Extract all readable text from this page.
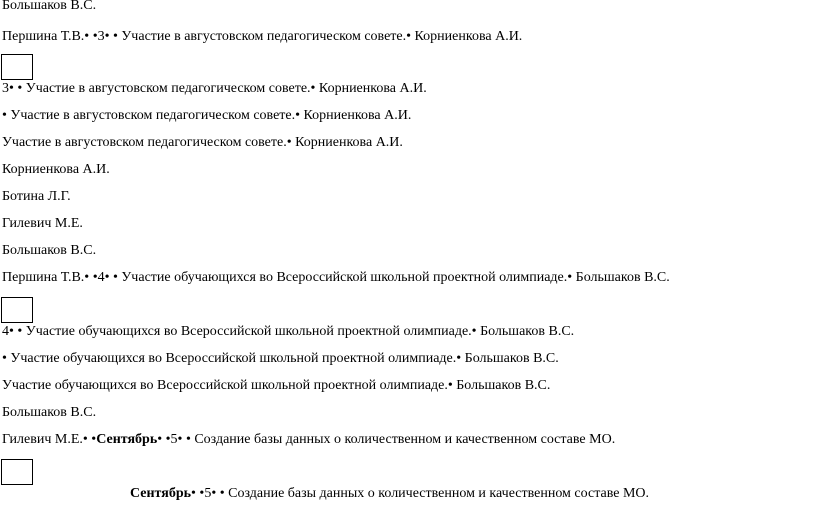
Большаков В.С.
Першина Т.В.• •3• • Участие в августовском педагогическом совете.• Корниенкова А.И.
3• • Участие в августовском педагогическом совете.• Корниенкова А.И.
• Участие в августовском педагогическом совете.• Корниенкова А.И.
Участие в августовском педагогическом совете.• Корниенкова А.И.
Корниенкова А.И.
Ботина Л.Г.
Гилевич М.Е.
Большаков В.С.
Першина Т.В.• •4• • Участие обучающихся во Всероссийской школьной проектной олимпиаде.• Большаков В.С.
4• • Участие обучающихся во Всероссийской школьной проектной олимпиаде.• Большаков В.С.
• Участие обучающихся во Всероссийской школьной проектной олимпиаде.• Большаков В.С.
Участие обучающихся во Всероссийской школьной проектной олимпиаде.• Большаков В.С.
Большаков В.С.
Гилевич М.Е.• •Сентябрь• •5• • Создание базы данных о количественном и качественном составе МО.
Сентябрь• •5• • Создание базы данных о количественном и качественном составе МО.
